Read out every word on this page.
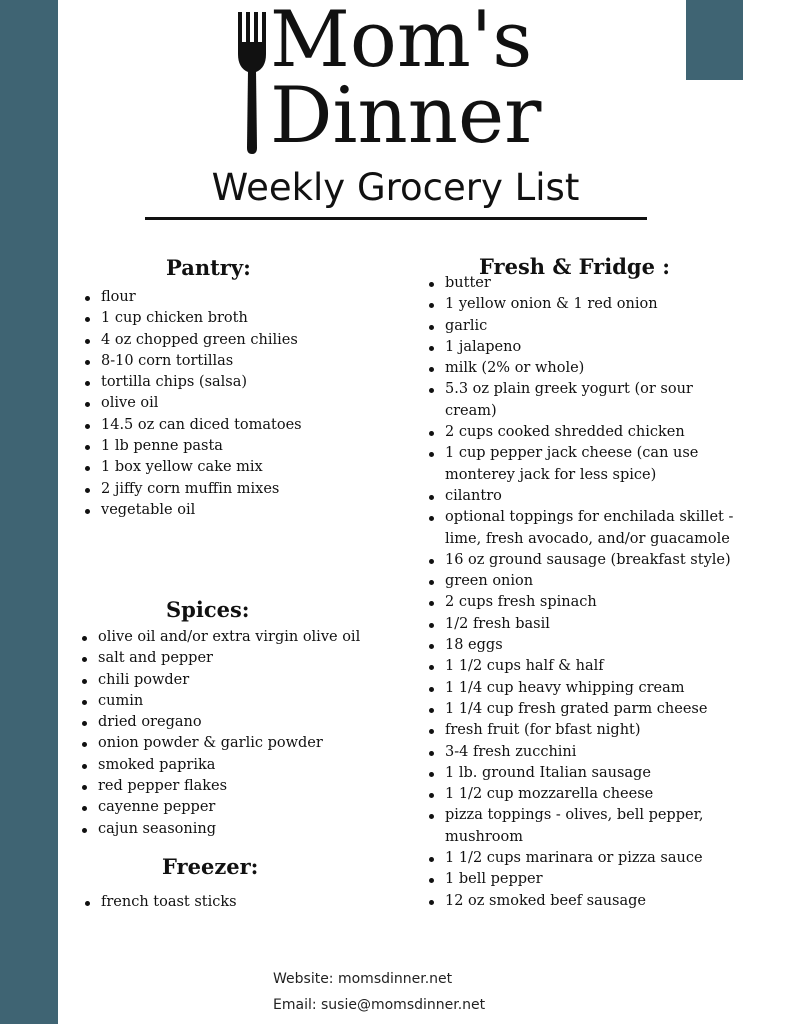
Mom's
Dinner
Weekly Grocery List
Pantry:
flour
1 cup chicken broth
4 oz chopped green chilies
8-10 corn tortillas
tortilla chips (salsa)
olive oil
14.5 oz can diced tomatoes
1 lb penne pasta
1 box yellow cake mix
2 jiffy corn muffin mixes
vegetable oil
Spices:
olive oil and/or extra virgin olive oil
salt and pepper
chili powder
cumin
dried oregano
onion powder & garlic powder
smoked paprika
red pepper flakes
cayenne pepper
cajun seasoning
Freezer:
french toast sticks
Fresh & Fridge :
butter
1 yellow onion & 1 red onion
garlic
1 jalapeno
milk (2% or whole)
5.3 oz plain greek yogurt (or sour cream)
2 cups cooked shredded chicken
1 cup pepper jack cheese (can use monterey jack for less spice)
cilantro
optional toppings for enchilada skillet - lime, fresh avocado, and/or guacamole
16 oz ground sausage (breakfast style)
green onion
2 cups fresh spinach
1/2 fresh basil
18 eggs
1 1/2 cups half & half
1 1/4 cup heavy whipping cream
1 1/4 cup fresh grated parm cheese
fresh fruit (for bfast night)
3-4 fresh zucchini
1 lb. ground Italian sausage
1 1/2 cup mozzarella cheese
pizza toppings - olives, bell pepper, mushroom
1 1/2 cups marinara or pizza sauce
1 bell pepper
12 oz smoked beef sausage
Website: momsdinner.net
Email: susie@momsdinner.net
